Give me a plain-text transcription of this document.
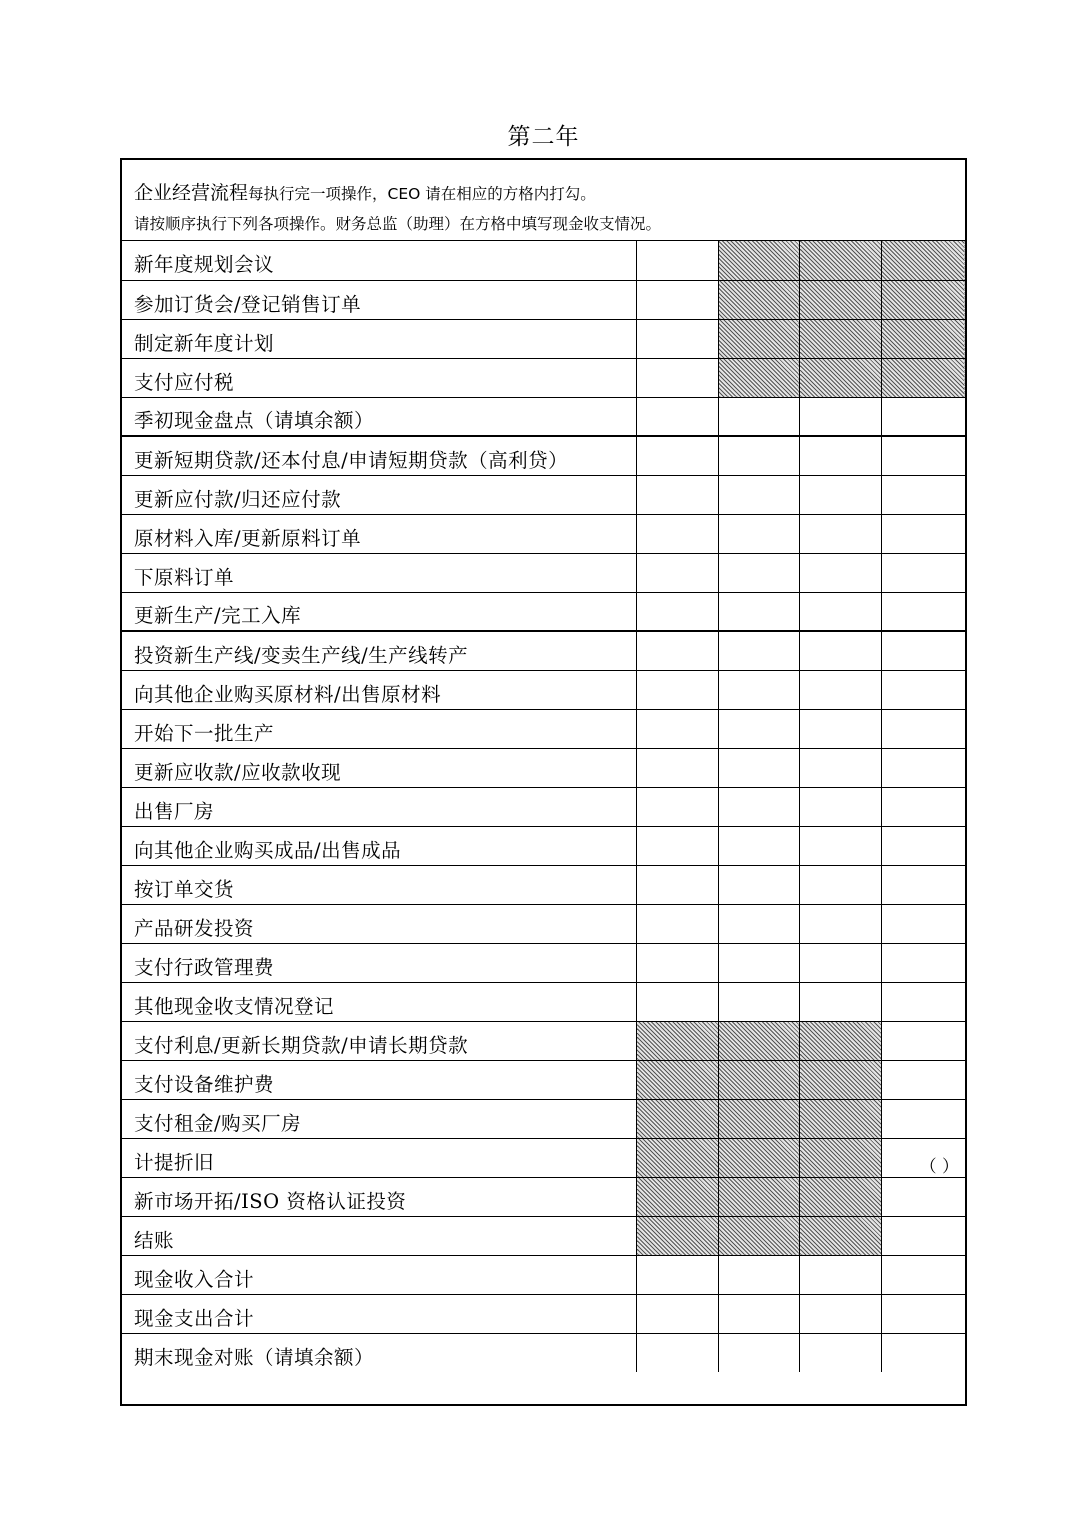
第二年
企业经营流程每执行完一项操作，CEO 请在相应的方格内打勾。
请按顺序执行下列各项操作。财务总监（助理）在方格中填写现金收支情况。
新年度规划会议				
参加订货会/登记销售订单				
制定新年度计划				
支付应付税				
季初现金盘点（请填余额）				
更新短期贷款/还本付息/申请短期贷款（高利贷）				
更新应付款/归还应付款				
原材料入库/更新原料订单				
下原料订单				
更新生产/完工入库				
投资新生产线/变卖生产线/生产线转产				
向其他企业购买原材料/出售原材料				
开始下一批生产				
更新应收款/应收款收现				
出售厂房				
向其他企业购买成品/出售成品				
按订单交货				
产品研发投资				
支付行政管理费				
其他现金收支情况登记				
支付利息/更新长期贷款/申请长期贷款				
支付设备维护费				
支付租金/购买厂房				
计提折旧				（ ）

新市场开拓/ISO 资格认证投资				
结账				
现金收入合计				
现金支出合计				
期末现金对账（请填余额）				
